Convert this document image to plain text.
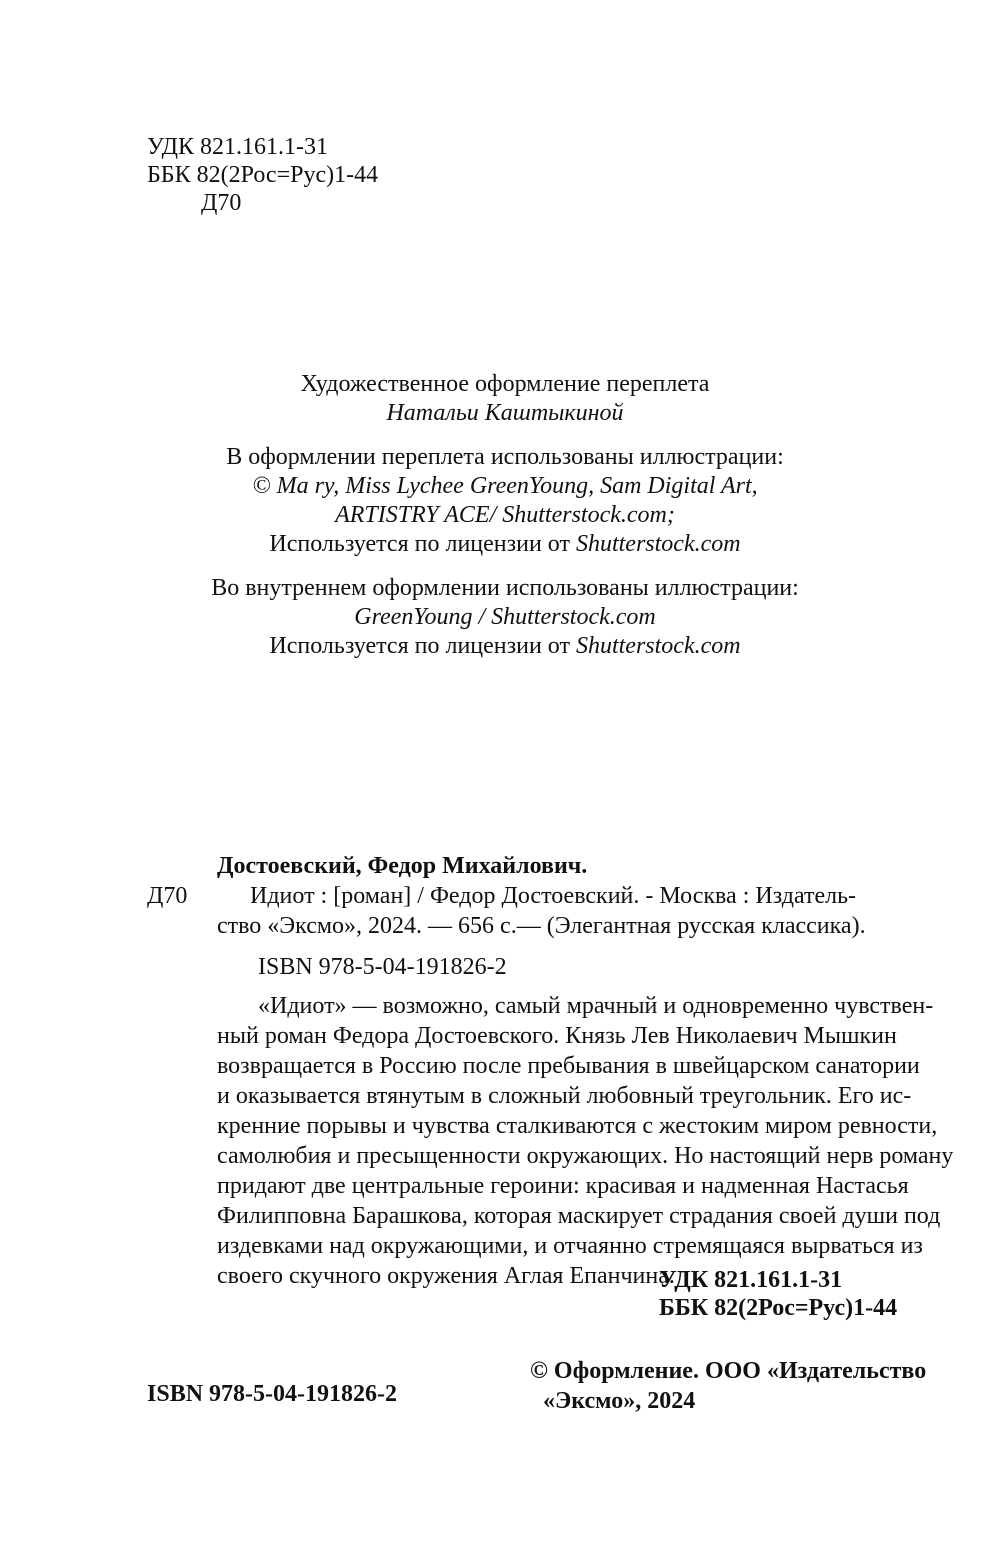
УДК 821.161.1-31
ББК 82(2Рос=Рус)1-44
Д70
Художественное оформление переплета
Натальи Каштыкиной
В оформлении переплета использованы иллюстрации:
© Ma ry, Miss Lychee GreenYoung, Sam Digital Art,
ARTISTRY ACE/ Shutterstock.com;
Используется по лицензии от Shutterstock.com
Во внутреннем оформлении использованы иллюстрации:
GreenYoung / Shutterstock.com
Используется по лицензии от Shutterstock.com
Достоевский, Федор Михайлович.
Д70	Идиот : [роман] / Федор Достоевский. - Москва : Издатель-
ство «Эксмо», 2024. — 656 с.— (Элегантная русская классика).
ISBN 978-5-04-191826-2
«Идиот» — возможно, самый мрачный и одновременно чувствен-
ный роман Федора Достоевского. Князь Лев Николаевич Мышкин
возвращается в Россию после пребывания в швейцарском санатории
и оказывается втянутым в сложный любовный треугольник. Его ис-
кренние порывы и чувства сталкиваются с жестоким миром ревности,
самолюбия и пресыщенности окружающих. Но настоящий нерв роману
придают две центральные героини: красивая и надменная Настасья
Филипповна Барашкова, которая маскирует страдания своей души под
издевками над окружающими, и отчаянно стремящаяся вырваться из
своего скучного окружения Аглая Епанчина.
УДК 821.161.1-31
ББК 82(2Рос=Рус)1-44
ISBN 978-5-04-191826-2
© Оформление. ООО «Издательство
«Эксмо», 2024
